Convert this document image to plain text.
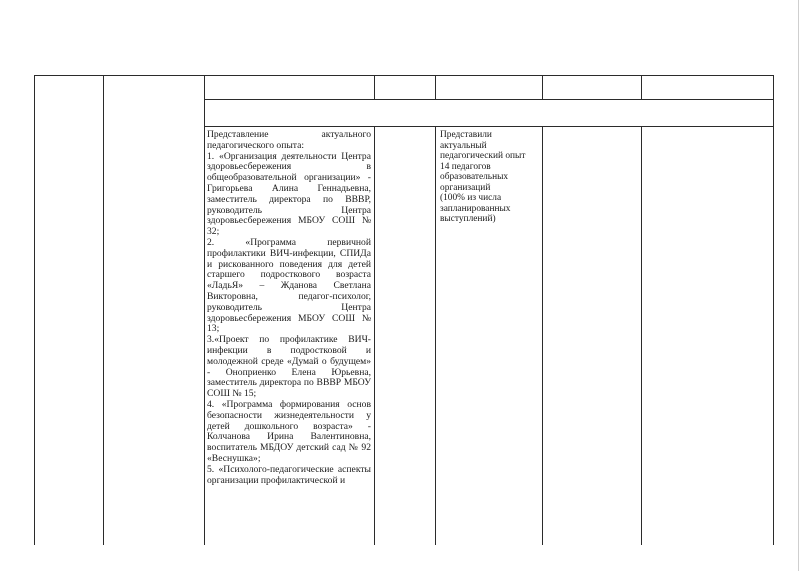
Представление актуального педагогического опыта:

1. «Организация деятельности Центра здоровьесбережения в общеобразовательной организации» - Григорьева Алина Геннадьевна, заместитель директора по ВВВР, руководитель Центра здоровьесбережения МБОУ СОШ № 32;

2. «Программа первичной профилактики ВИЧ-инфекции, СПИДа и рискованного поведения для детей старшего подросткового возраста «ЛадьЯ» – Жданова Светлана Викторовна, педагог-психолог, руководитель Центра здоровьесбережения МБОУ СОШ № 13;

3.«Проект по профилактике ВИЧ-инфекции в подростковой и молодежной среде «Думай о будущем» - Оноприенко Елена Юрьевна, заместитель директора по ВВВР МБОУ СОШ № 15;

4. «Программа формирования основ безопасности жизнедеятельности у детей дошкольного возраста» - Колчанова Ирина Валентиновна, воспитатель МБДОУ детский сад № 92 «Веснушка»;

5. «Психолого-педагогические аспекты организации профилактической и

Представили

актуальный

педагогический опыт

14 педагогов

образовательных

организаций

(100% из числа

запланированных

выступлений)
